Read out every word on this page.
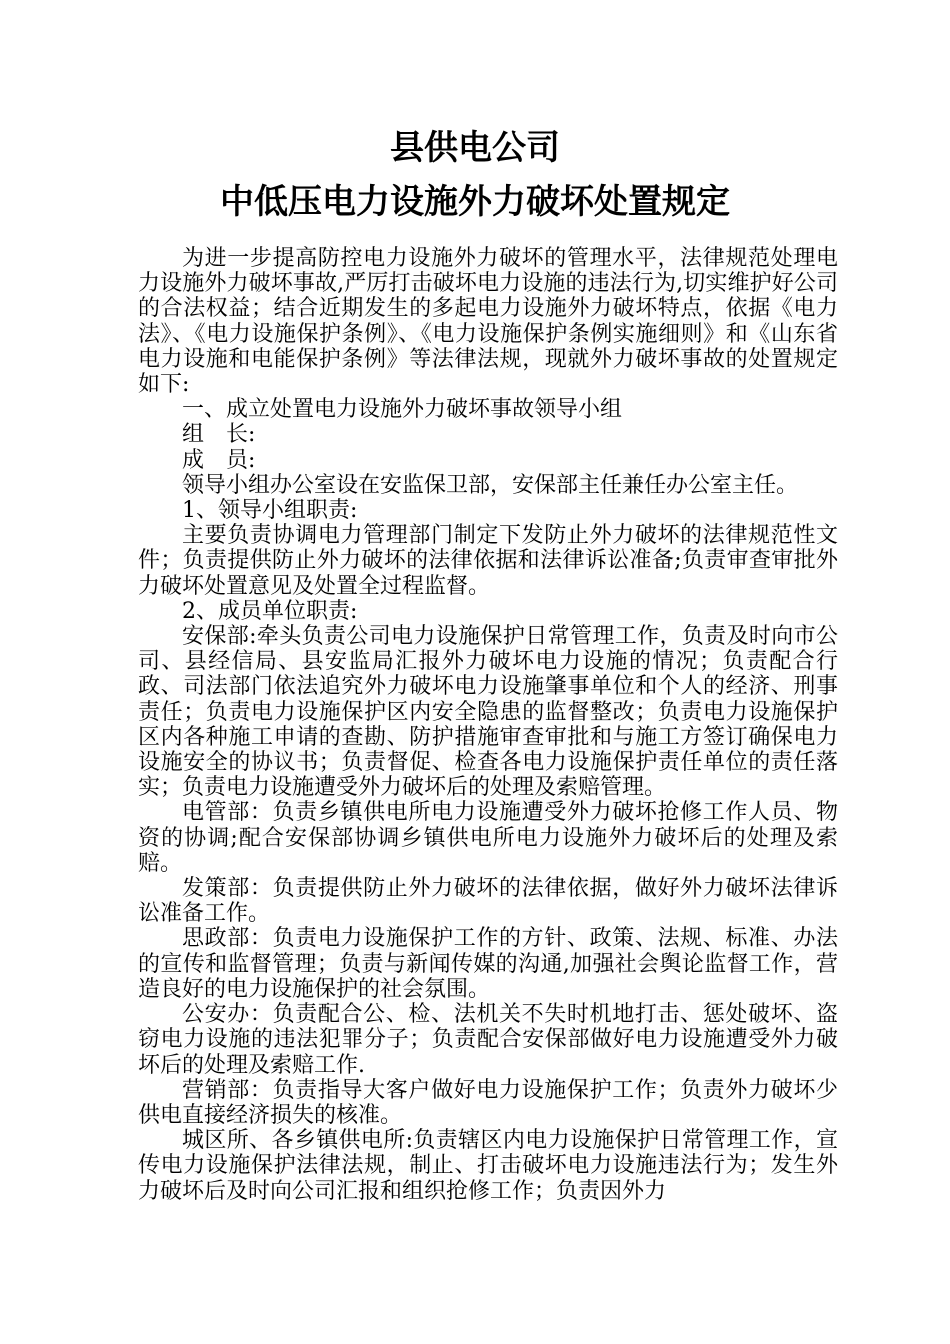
县供电公司
中低压电力设施外力破坏处置规定

为进一步提高防控电力设施外力破坏的管理水平，法律规范处理电力设施外力破坏事故,严厉打击破坏电力设施的违法行为,切实维护好公司的合法权益；结合近期发生的多起电力设施外力破坏特点，依据《电力法》、《电力设施保护条例》、《电力设施保护条例实施细则》和《山东省电力设施和电能保护条例》等法律法规，现就外力破坏事故的处置规定如下:

一、成立处置电力设施外力破坏事故领导小组

组　长:

成　员:

领导小组办公室设在安监保卫部，安保部主任兼任办公室主任。

1、领导小组职责:

主要负责协调电力管理部门制定下发防止外力破坏的法律规范性文件；负责提供防止外力破坏的法律依据和法律诉讼准备;负责审查审批外力破坏处置意见及处置全过程监督。

2、成员单位职责:

安保部:牵头负责公司电力设施保护日常管理工作，负责及时向市公司、县经信局、县安监局汇报外力破坏电力设施的情况；负责配合行政、司法部门依法追究外力破坏电力设施肇事单位和个人的经济、刑事责任；负责电力设施保护区内安全隐患的监督整改；负责电力设施保护区内各种施工申请的查勘、防护措施审查审批和与施工方签订确保电力设施安全的协议书；负责督促、检查各电力设施保护责任单位的责任落实；负责电力设施遭受外力破坏后的处理及索赔管理。

电管部：负责乡镇供电所电力设施遭受外力破坏抢修工作人员、物资的协调;配合安保部协调乡镇供电所电力设施外力破坏后的处理及索赔。

发策部：负责提供防止外力破坏的法律依据，做好外力破坏法律诉讼准备工作。

思政部：负责电力设施保护工作的方针、政策、法规、标准、办法的宣传和监督管理；负责与新闻传媒的沟通,加强社会舆论监督工作，营造良好的电力设施保护的社会氛围。

公安办：负责配合公、检、法机关不失时机地打击、惩处破坏、盗窃电力设施的违法犯罪分子；负责配合安保部做好电力设施遭受外力破坏后的处理及索赔工作.

营销部：负责指导大客户做好电力设施保护工作；负责外力破坏少供电直接经济损失的核准。

城区所、各乡镇供电所:负责辖区内电力设施保护日常管理工作，宣传电力设施保护法律法规，制止、打击破坏电力设施违法行为；发生外力破坏后及时向公司汇报和组织抢修工作；负责因外力
